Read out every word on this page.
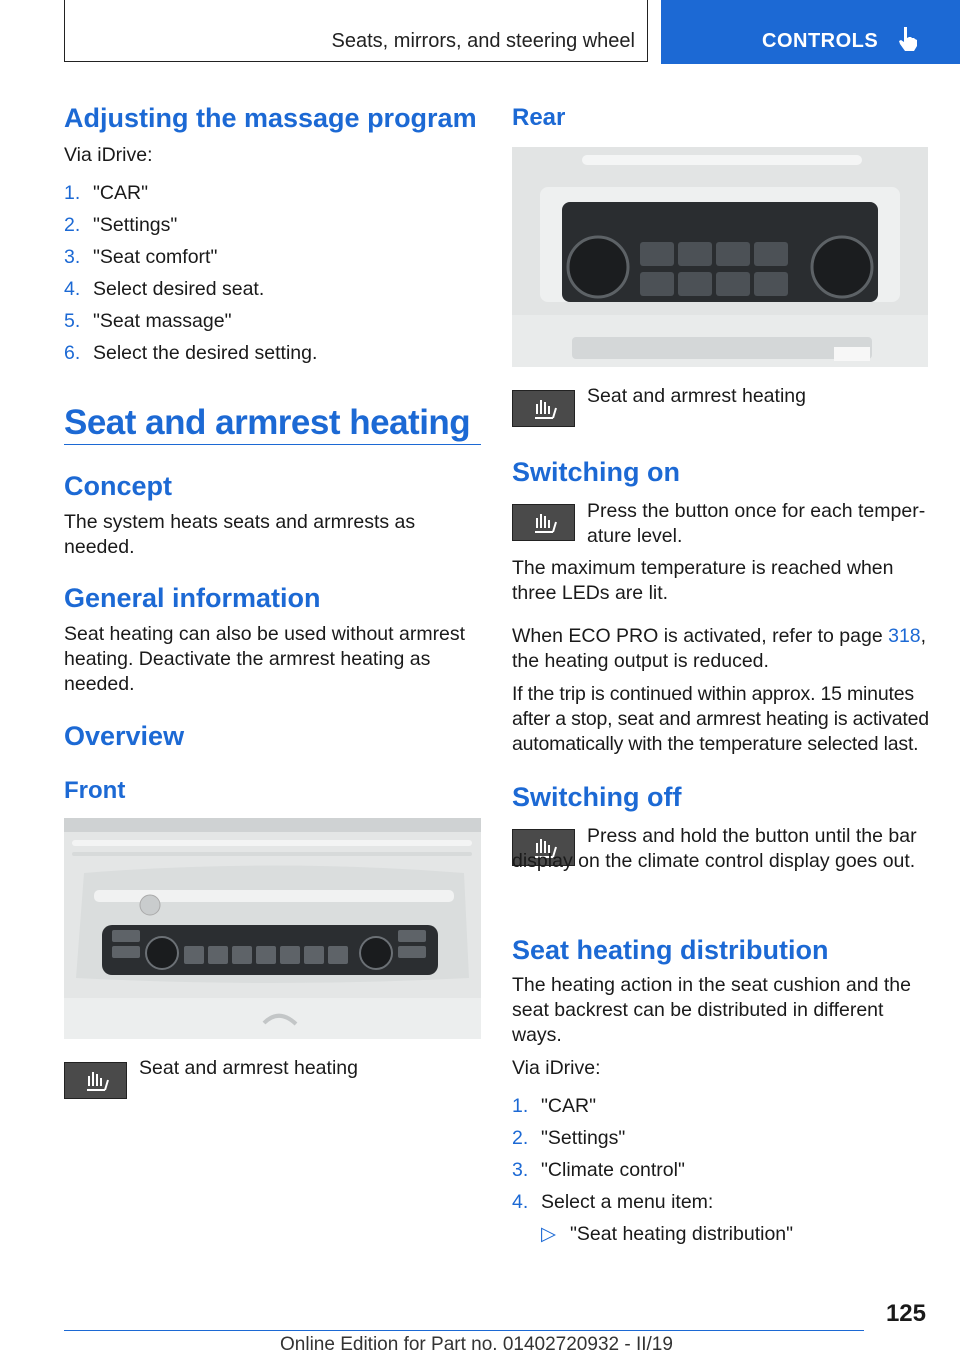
Seats, mirrors, and steering wheel	CONTROLS
Adjusting the massage program

Via iDrive:

1. "CAR"
2. "Settings"
3. "Seat comfort"
4. Select desired seat.
5. "Seat massage"
6. Select the desired setting.
Seat and armrest heating
Concept

The system heats seats and armrests as needed.

General information

Seat heating can also be used without armrest heating. Deactivate the armrest heating as needed.

Overview
Front

Seat and armrest heating

Rear

Seat and armrest heating

Switching on

Press the button once for each temper-ature level.

The maximum temperature is reached when three LEDs are lit.

When ECO PRO is activated, refer to page 318, the heating output is reduced.

If the trip is continued within approx. 15 minutes after a stop, seat and armrest heating is activated automatically with the temperature selected last.

Switching off

Press and hold the button until the bar display on the climate control display goes out.

Seat heating distribution

The heating action in the seat cushion and the seat backrest can be distributed in different ways.

Via iDrive:

1. "CAR"
2. "Settings"
3. "Climate control"
4. Select a menu item:

▷ "Seat heating distribution"

125
Online Edition for Part no. 01402720932 - II/19
